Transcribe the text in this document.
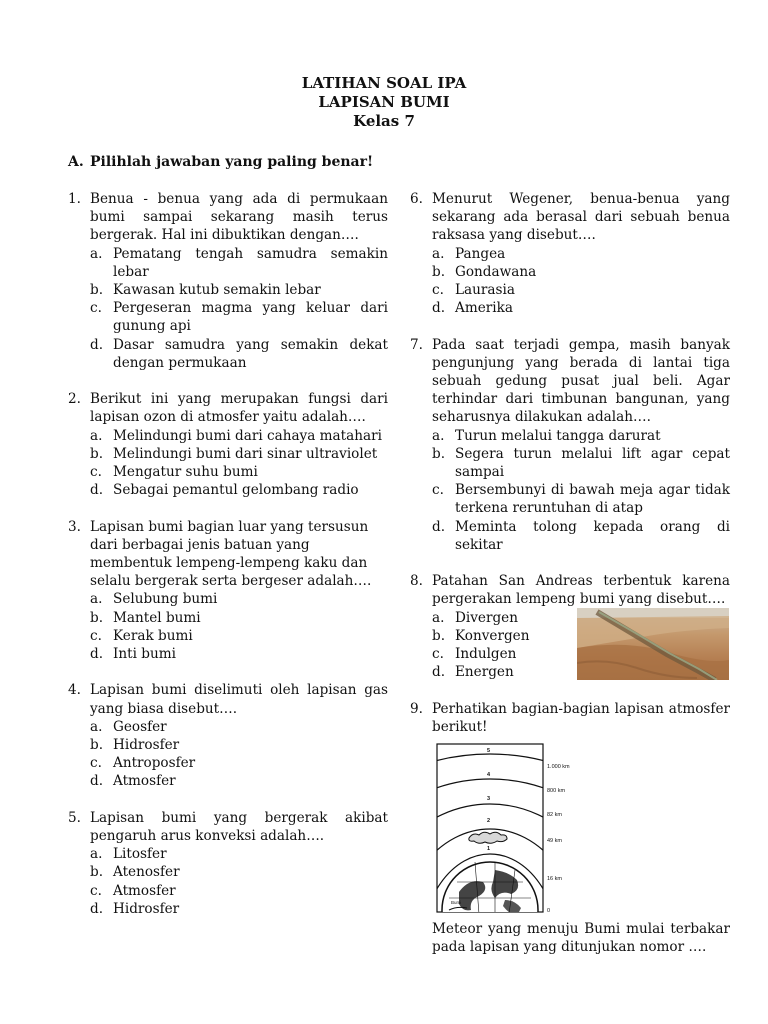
LATIHAN SOAL IPA
LAPISAN BUMI
Kelas 7
A. Pilihlah jawaban yang paling benar!
1. Benua - benua yang ada di permukaan bumi sampai sekarang masih terus bergerak. Hal ini dibuktikan dengan….
a. Pematang tengah samudra semakin lebar
b. Kawasan kutub semakin lebar
c. Pergeseran magma yang keluar dari gunung api
d. Dasar samudra yang semakin dekat dengan permukaan
2. Berikut ini yang merupakan fungsi dari lapisan ozon di atmosfer yaitu adalah….
a. Melindungi bumi dari cahaya matahari
b. Melindungi bumi dari sinar ultraviolet
c. Mengatur suhu bumi
d. Sebagai pemantul gelombang radio
3. Lapisan bumi bagian luar yang tersusun dari berbagai jenis batuan yang membentuk lempeng-lempeng kaku dan selalu bergerak serta bergeser adalah….
a. Selubung bumi
b. Mantel bumi
c. Kerak bumi
d. Inti bumi
4. Lapisan bumi diselimuti oleh lapisan gas yang biasa disebut….
a. Geosfer
b. Hidrosfer
c. Antroposfer
d. Atmosfer
5. Lapisan bumi yang bergerak akibat pengaruh arus konveksi adalah….
a. Litosfer
b. Atenosfer
c. Atmosfer
d. Hidrosfer
6. Menurut Wegener, benua-benua yang sekarang ada berasal dari sebuah benua raksasa yang disebut….
a. Pangea
b. Gondawana
c. Laurasia
d. Amerika
7. Pada saat terjadi gempa, masih banyak pengunjung yang berada di lantai tiga sebuah gedung pusat jual beli. Agar terhindar dari timbunan bangunan, yang seharusnya dilakukan adalah….
a. Turun melalui tangga darurat
b. Segera turun melalui lift agar cepat sampai
c. Bersembunyi di bawah meja agar tidak terkena reruntuhan di atap
d. Meminta tolong kepada orang di sekitar
8. Patahan San Andreas terbentuk karena pergerakan lempeng bumi yang disebut….
a. Divergen
b. Konvergen
c. Indulgen
d. Energen
9. Perhatikan bagian-bagian lapisan atmosfer berikut!
5
4
3
2
1
1.000 km
800 km
82 km
49 km
16 km
0
Bumi
Meteor yang menuju Bumi mulai terbakar pada lapisan yang ditunjukan nomor ….
